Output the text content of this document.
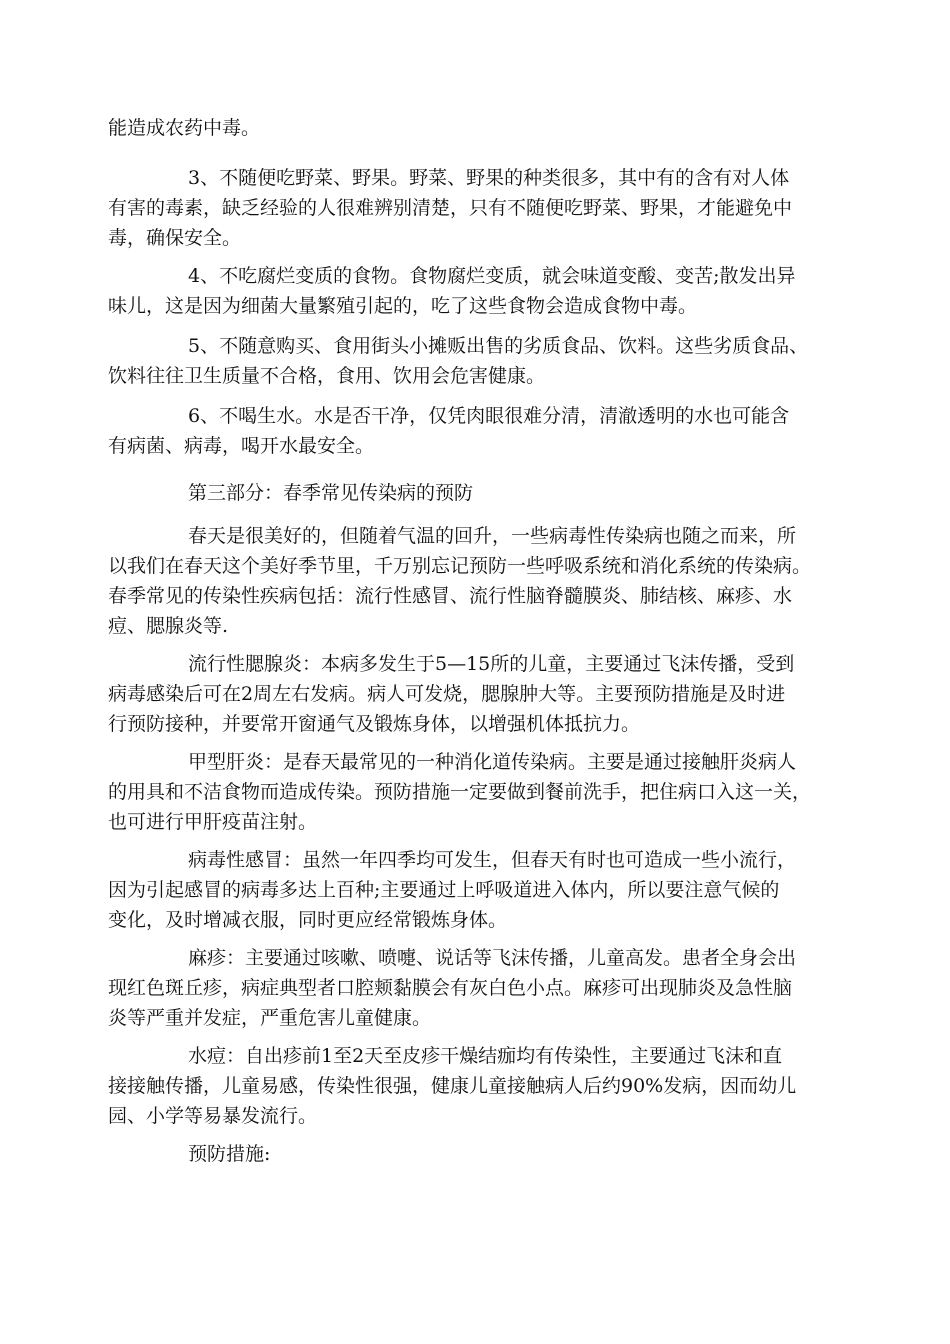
能造成农药中毒。
3、不随便吃野菜、野果。野菜、野果的种类很多，其中有的含有对人体
有害的毒素，缺乏经验的人很难辨别清楚，只有不随便吃野菜、野果，才能避免中
毒，确保安全。
4、不吃腐烂变质的食物。食物腐烂变质，就会味道变酸、变苦;散发出异
味儿，这是因为细菌大量繁殖引起的，吃了这些食物会造成食物中毒。
5、不随意购买、食用街头小摊贩出售的劣质食品、饮料。这些劣质食品、
饮料往往卫生质量不合格，食用、饮用会危害健康。
6、不喝生水。水是否干净，仅凭肉眼很难分清，清澈透明的水也可能含
有病菌、病毒，喝开水最安全。
第三部分：春季常见传染病的预防
春天是很美好的，但随着气温的回升，一些病毒性传染病也随之而来，所
以我们在春天这个美好季节里，千万别忘记预防一些呼吸系统和消化系统的传染病。
春季常见的传染性疾病包括：流行性感冒、流行性脑脊髓膜炎、肺结核、麻疹、水
痘、腮腺炎等.
流行性腮腺炎：本病多发生于5—15所的儿童，主要通过飞沫传播，受到
病毒感染后可在2周左右发病。病人可发烧，腮腺肿大等。主要预防措施是及时进
行预防接种，并要常开窗通气及锻炼身体，以增强机体抵抗力。
甲型肝炎：是春天最常见的一种消化道传染病。主要是通过接触肝炎病人
的用具和不洁食物而造成传染。预防措施一定要做到餐前洗手，把住病口入这一关，
也可进行甲肝疫苗注射。
病毒性感冒：虽然一年四季均可发生，但春天有时也可造成一些小流行，
因为引起感冒的病毒多达上百种;主要通过上呼吸道进入体内，所以要注意气候的
变化，及时增减衣服，同时更应经常锻炼身体。
麻疹：主要通过咳嗽、喷嚏、说话等飞沫传播，儿童高发。患者全身会出
现红色斑丘疹，病症典型者口腔颊黏膜会有灰白色小点。麻疹可出现肺炎及急性脑
炎等严重并发症，严重危害儿童健康。
水痘：自出疹前1至2天至皮疹干燥结痂均有传染性，主要通过飞沫和直
接接触传播，儿童易感，传染性很强，健康儿童接触病人后约90%发病，因而幼儿
园、小学等易暴发流行。
预防措施:
